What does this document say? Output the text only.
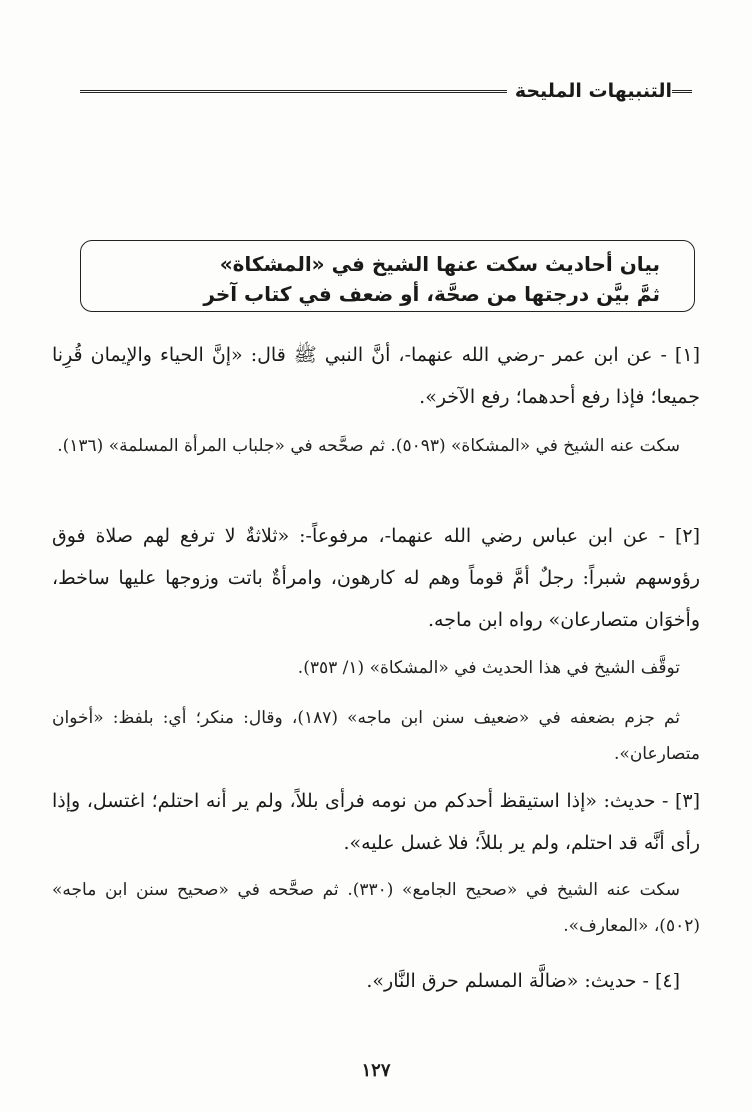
التنبيهات المليحة
بيان أحاديث سكت عنها الشيخ في «المشكاة»
ثمَّ بيَّن درجتها من صحَّة، أو ضعف في كتاب آخر
[١] - عن ابن عمر -رضي الله عنهما-، أنَّ النبي ﷺ قال: «إنَّ الحياء والإيمان قُرِنا جميعا؛ فإذا رفع أحدهما؛ رفع الآخر».
سكت عنه الشيخ في «المشكاة» (٥٠٩٣). ثم صحَّحه في «جلباب المرأة المسلمة» (١٣٦).
[٢] - عن ابن عباس رضي الله عنهما-، مرفوعاً-: «ثلاثةٌ لا ترفع لهم صلاة فوق رؤوسهم شبراً: رجلٌ أمَّ قوماً وهم له كارهون، وامرأةٌ باتت وزوجها عليها ساخط، وأخوَان متصارعان» رواه ابن ماجه.
توقَّف الشيخ في هذا الحديث في «المشكاة» (١/ ٣٥٣).
ثم جزم بضعفه في «ضعيف سنن ابن ماجه» (١٨٧)، وقال: منكر؛ أي: بلفظ: «أخوان متصارعان».
[٣] - حديث: «إذا استيقظ أحدكم من نومه فرأى بللاً، ولم ير أنه احتلم؛ اغتسل، وإذا رأى أنَّه قد احتلم، ولم ير بللاً؛ فلا غسل عليه».
سكت عنه الشيخ في «صحيح الجامع» (٣٣٠). ثم صحَّحه في «صحيح سنن ابن ماجه» (٥٠٢)، «المعارف».
[٤] - حديث: «ضالَّة المسلم حرق النَّار».
١٢٧
